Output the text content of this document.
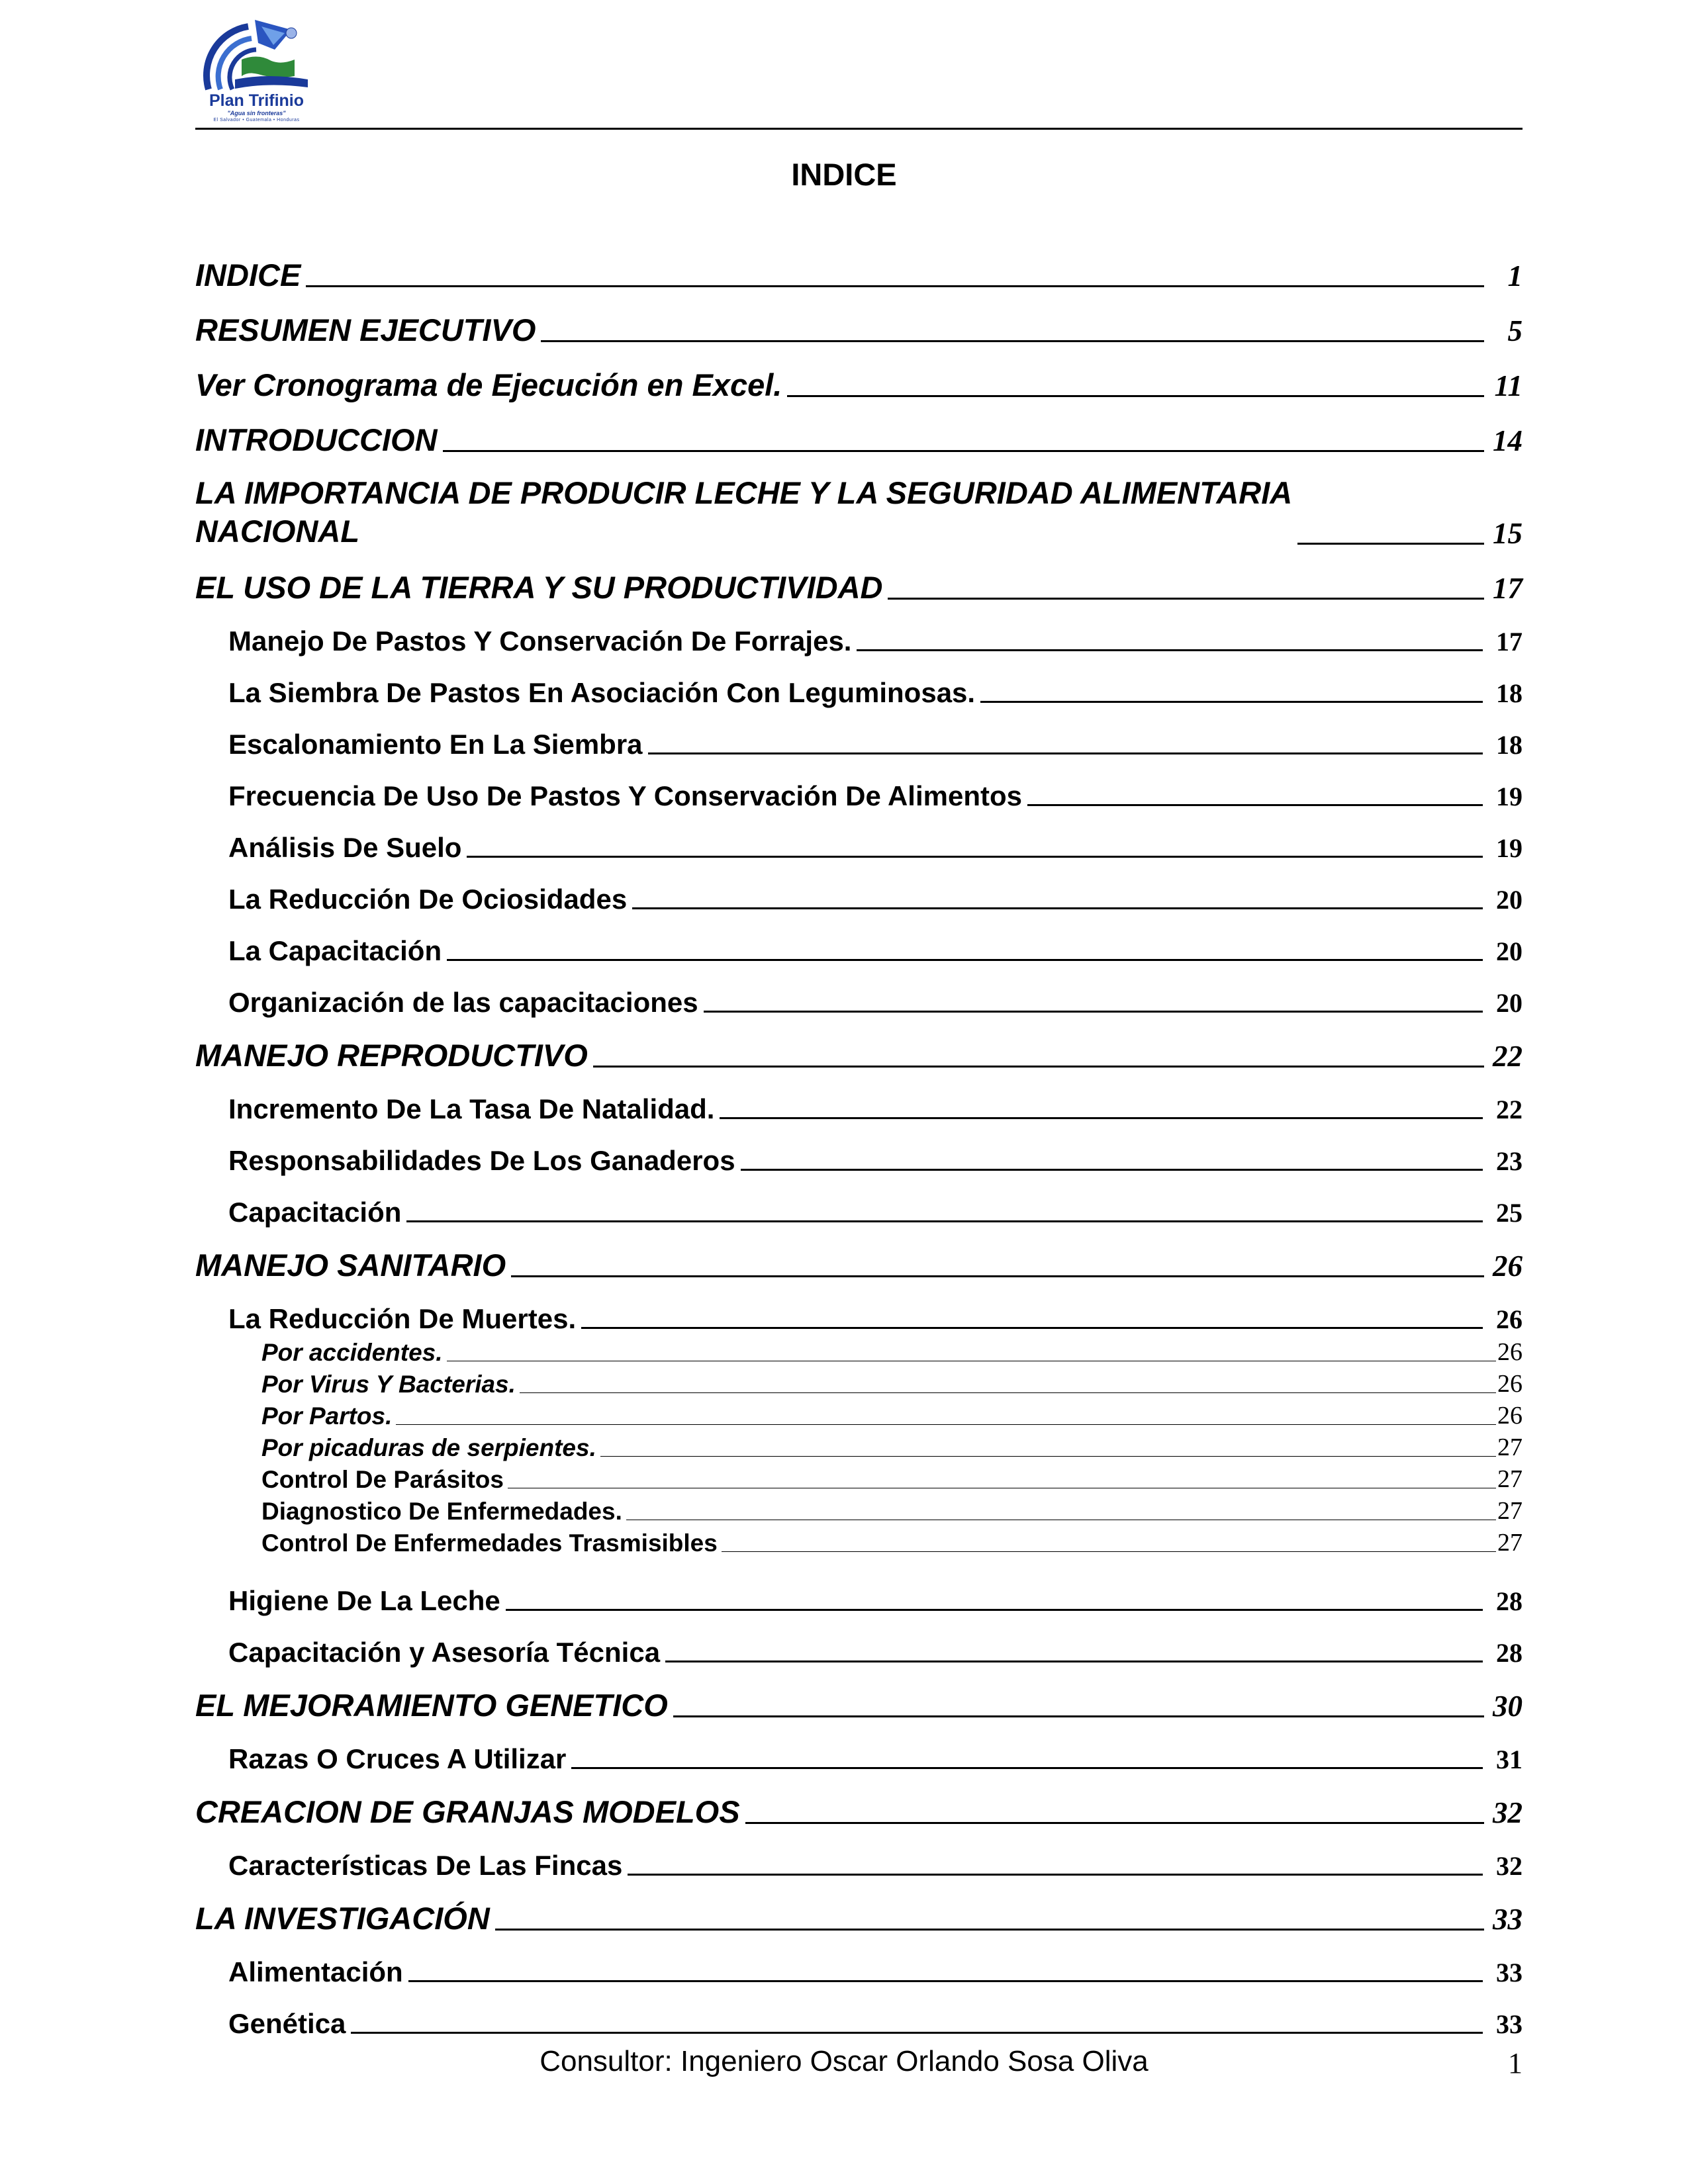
Plan Trifinio
"Agua sin fronteras"
El Salvador • Guatemala • Honduras
INDICE
INDICE	1
RESUMEN EJECUTIVO	5
Ver Cronograma de Ejecución en Excel.	11
INTRODUCCION	14
LA IMPORTANCIA DE PRODUCIR LECHE Y LA SEGURIDAD ALIMENTARIA
NACIONAL	15
EL USO DE LA TIERRA Y SU PRODUCTIVIDAD	17
Manejo De Pastos Y Conservación De Forrajes.	17
La Siembra De Pastos En Asociación Con Leguminosas.	18
Escalonamiento En La Siembra	18
Frecuencia De Uso De Pastos Y Conservación De Alimentos	19
Análisis De Suelo	19
La Reducción De Ociosidades	20
La Capacitación	20
Organización de las capacitaciones	20
MANEJO REPRODUCTIVO	22
Incremento De La Tasa De Natalidad.	22
Responsabilidades De Los Ganaderos	23
Capacitación	25
MANEJO SANITARIO	26
La Reducción De Muertes.	26
Por accidentes.	26
Por Virus Y Bacterias.	26
Por Partos.	26
Por picaduras de serpientes.	27
Control De Parásitos	27
Diagnostico De Enfermedades.	27
Control De Enfermedades Trasmisibles	27
Higiene De La Leche	28
Capacitación y Asesoría Técnica	28
EL MEJORAMIENTO GENETICO	30
Razas O Cruces A Utilizar	31
CREACION DE GRANJAS MODELOS	32
Características De Las Fincas	32
LA INVESTIGACIÓN	33
Alimentación	33
Genética	33
Consultor: Ingeniero Oscar Orlando Sosa Oliva	1
